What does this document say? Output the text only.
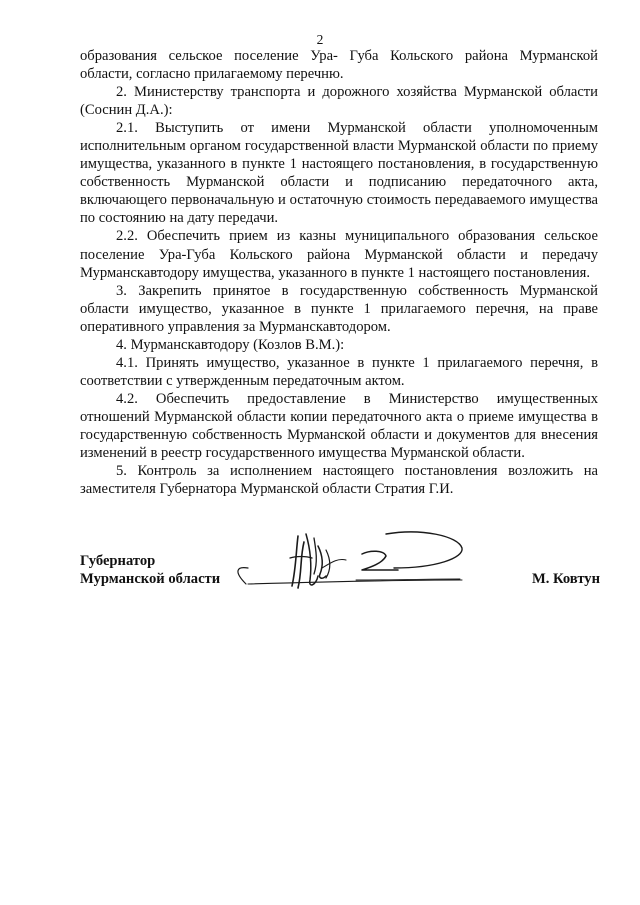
2

образования сельское поселение Ура- Губа Кольского района Мурманской области, согласно прилагаемому перечню.

2. Министерству транспорта и дорожного хозяйства Мурманской области (Соснин Д.А.):

2.1. Выступить от имени Мурманской области уполномоченным исполнительным органом государственной власти Мурманской области по приему имущества, указанного в пункте 1 настоящего постановления, в государственную собственность Мурманской области и подписанию передаточного акта, включающего первоначальную и остаточную стоимость передаваемого имущества по состоянию на дату передачи.

2.2. Обеспечить прием из казны муниципального образования сельское поселение Ура-Губа Кольского района Мурманской области и передачу Мурманскавтодору имущества, указанного в пункте 1 настоящего постановления.

3. Закрепить принятое в государственную собственность Мурманской области имущество, указанное в пункте 1 прилагаемого перечня, на праве оперативного управления за Мурманскавтодором.

4. Мурманскавтодору (Козлов В.М.):

4.1. Принять имущество, указанное в пункте 1 прилагаемого перечня, в соответствии с утвержденным передаточным актом.

4.2. Обеспечить предоставление в Министерство имущественных отношений Мурманской области копии передаточного акта о приеме имущества в государственную собственность Мурманской области и документов для внесения изменений в реестр государственного имущества Мурманской области.

5. Контроль за исполнением настоящего постановления возложить на заместителя Губернатора Мурманской области Стратия Г.И.

Губернатор
Мурманской области	М. Ковтун
